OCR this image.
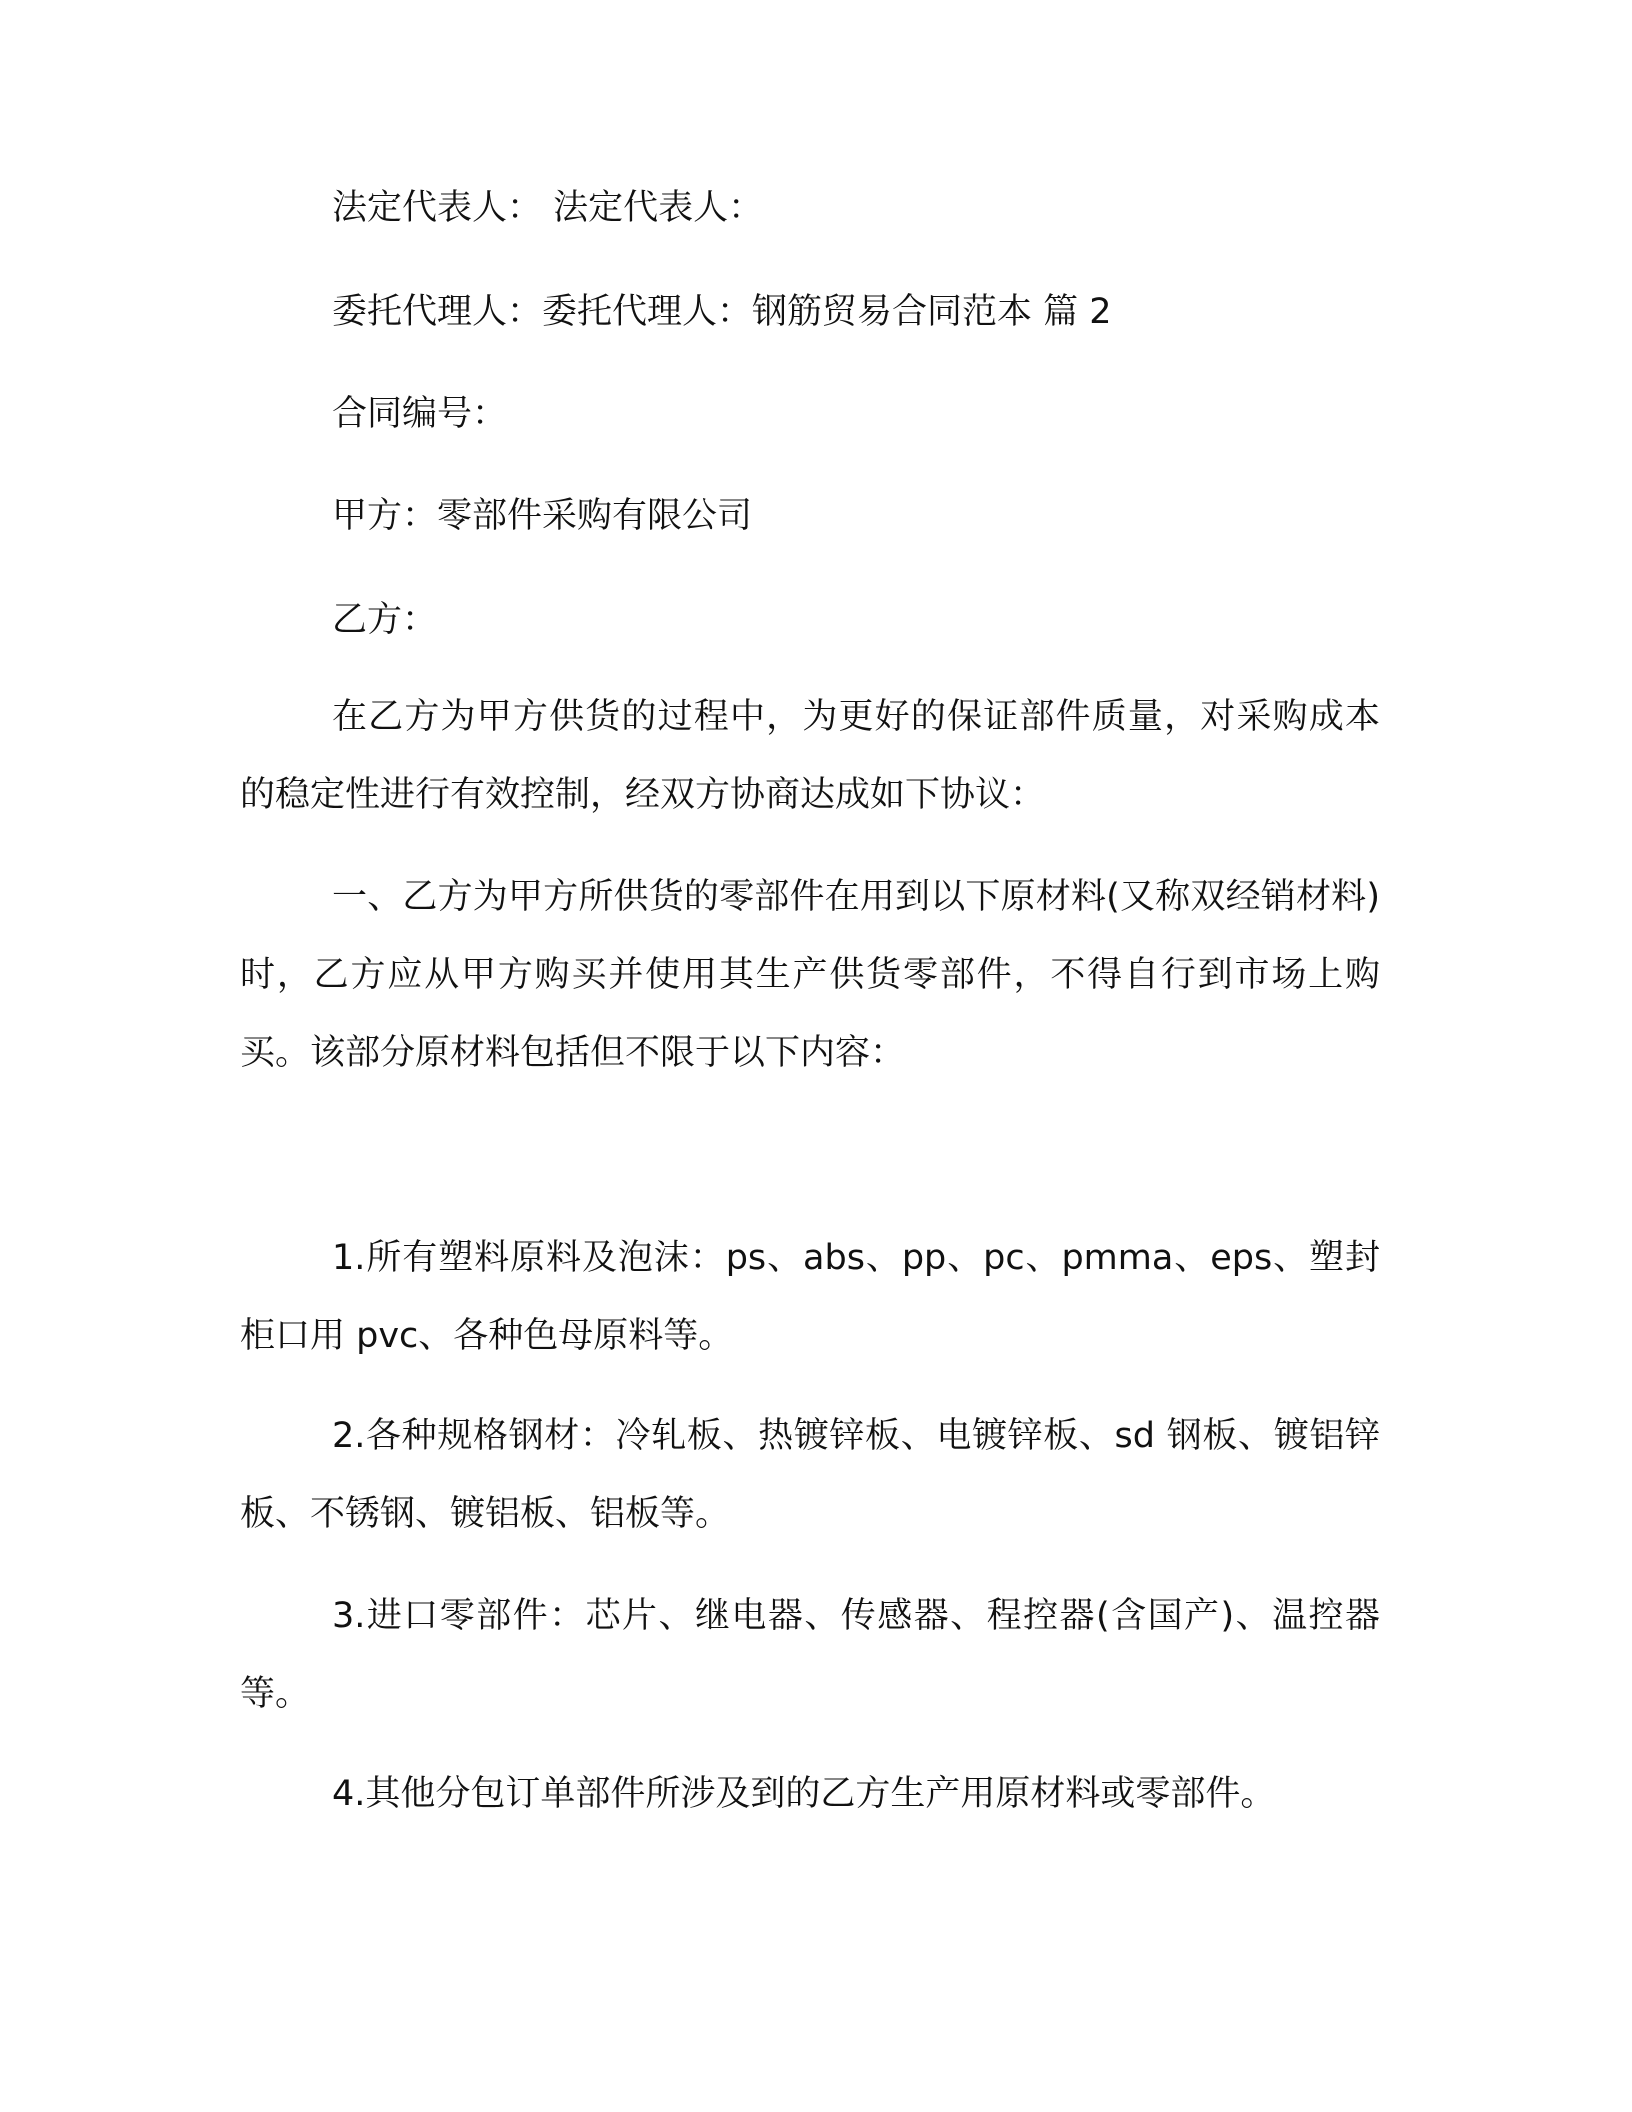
法定代表人： 法定代表人：
委托代理人：委托代理人：钢筋贸易合同范本 篇 2
合同编号：
甲方：零部件采购有限公司
乙方：
在乙方为甲方供货的过程中，为更好的保证部件质量，对采购成本的稳定性进行有效控制，经双方协商达成如下协议：
一、乙方为甲方所供货的零部件在用到以下原材料(又称双经销材料)时，乙方应从甲方购买并使用其生产供货零部件，不得自行到市场上购买。该部分原材料包括但不限于以下内容：
1.所有塑料原料及泡沫：ps、abs、pp、pc、pmma、eps、塑封柜口用 pvc、各种色母原料等。
2.各种规格钢材：冷轧板、热镀锌板、电镀锌板、sd 钢板、镀铝锌板、不锈钢、镀铝板、铝板等。
3.进口零部件：芯片、继电器、传感器、程控器(含国产)、温控器等。
4.其他分包订单部件所涉及到的乙方生产用原材料或零部件。
